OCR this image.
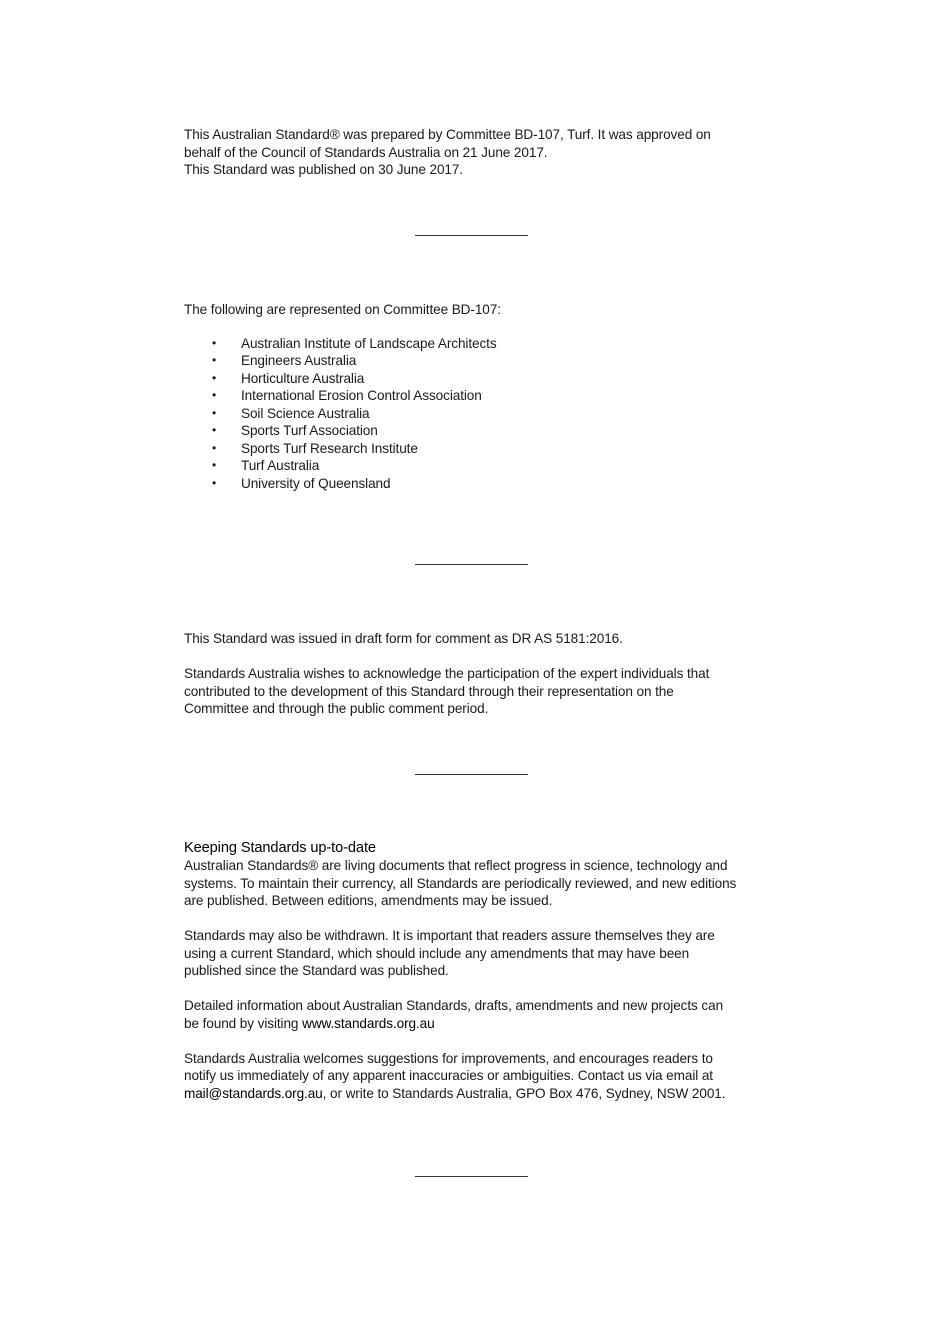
This Australian Standard® was prepared by Committee BD-107, Turf. It was approved on

behalf of the Council of Standards Australia on 21 June 2017.

This Standard was published on 30 June 2017.

The following are represented on Committee BD-107:

• Australian Institute of Landscape Architects
• Engineers Australia
• Horticulture Australia
• International Erosion Control Association
• Soil Science Australia
• Sports Turf Association
• Sports Turf Research Institute
• Turf Australia
• University of Queensland

This Standard was issued in draft form for comment as DR AS 5181:2016.

Standards Australia wishes to acknowledge the participation of the expert individuals that

contributed to the development of this Standard through their representation on the

Committee and through the public comment period.

Keeping Standards up-to-date

Australian Standards® are living documents that reflect progress in science, technology and

systems. To maintain their currency, all Standards are periodically reviewed, and new editions

are published. Between editions, amendments may be issued.

Standards may also be withdrawn. It is important that readers assure themselves they are

using a current Standard, which should include any amendments that may have been

published since the Standard was published.

Detailed information about Australian Standards, drafts, amendments and new projects can

be found by visiting www.standards.org.au

Standards Australia welcomes suggestions for improvements, and encourages readers to

notify us immediately of any apparent inaccuracies or ambiguities. Contact us via email at

mail@standards.org.au, or write to Standards Australia, GPO Box 476, Sydney, NSW 2001.
